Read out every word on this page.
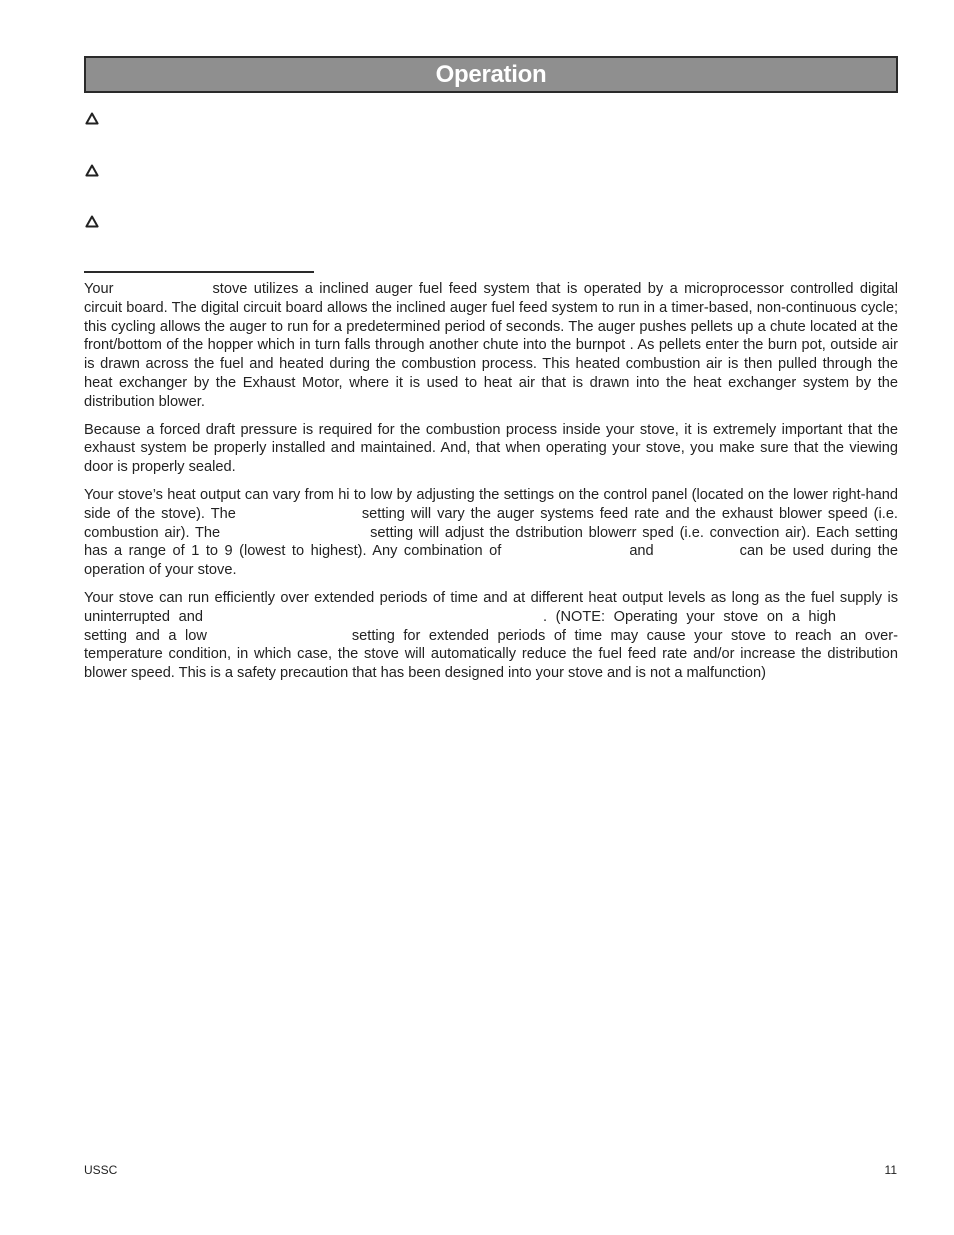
Operation

Your	stove utilizes a inclined auger fuel feed system that is operated by a microprocessor controlled digital circuit board. The digital circuit board allows the inclined auger fuel feed system to run in a timer-based, non-continuous cycle; this cycling allows the auger to run for a predetermined period of seconds. The auger pushes pellets up a chute located at the front/bottom of the hopper which in turn falls through another chute into the burnpot . As pellets enter the burn pot, outside air is drawn across the fuel and heated during the combustion process. This heated combustion air is then pulled through the heat exchanger by the Exhaust Motor, where it is used to heat air that is drawn into the heat exchanger system by the distribution blower.

Because a forced draft pressure is required for the combustion process inside your stove, it is extremely important that the exhaust system be properly installed and maintained. And, that when operating your stove, you make sure that the viewing door is properly sealed.

Your stove’s heat output can vary from hi to low by adjusting the settings on the control panel (located on the lower right-hand side of the stove). The	setting will vary the auger systems feed rate and the exhaust blower speed (i.e. combustion air). The	setting will adjust the dstribution blowerr sped (i.e. convection air). Each setting has a range of 1 to 9 (lowest to highest). Any combination of	and	can be used during the operation of your stove.

Your stove can run efficiently over extended periods of time and at different heat output levels as long as the fuel supply is uninterrupted and	. (NOTE: Operating your stove on a highsetting and a low	setting for extended periods of time may cause your stove to reach an over-temperature condition, in which case, the stove will automatically reduce the fuel feed rate and/or increase the distribution blower speed. This is a safety precaution that has been designed into your stove and is not a malfunction)

USSC	11
